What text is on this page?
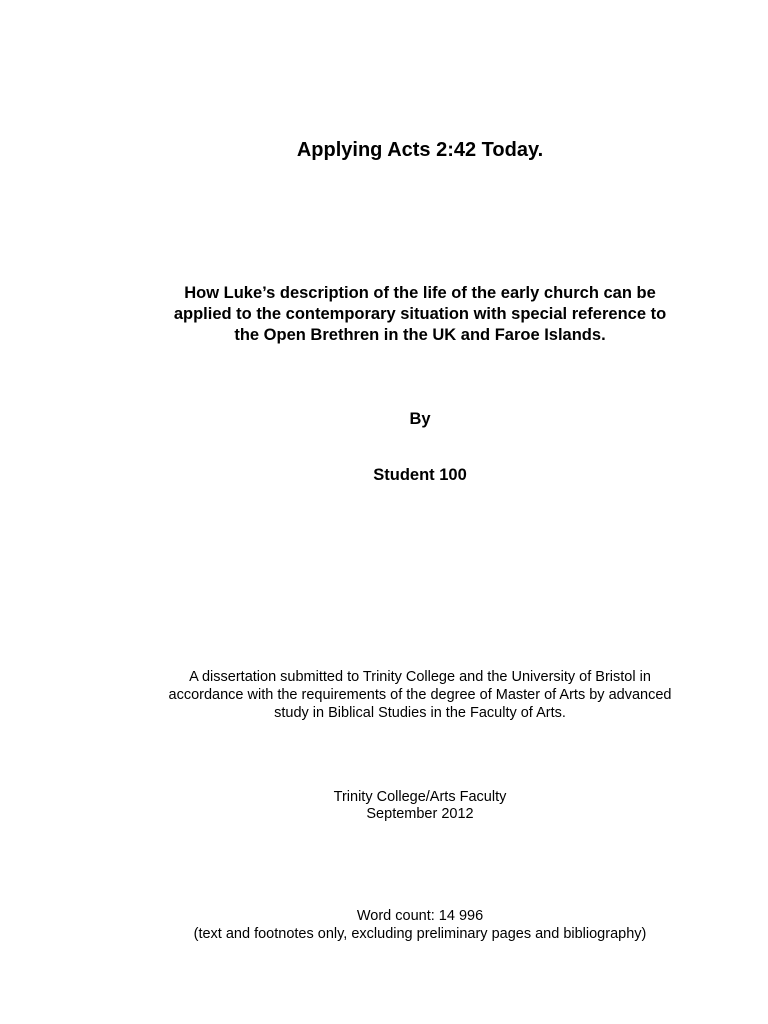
Applying Acts 2:42 Today.
How Luke’s description of the life of the early church can be
applied to the contemporary situation with special reference to
the Open Brethren in the UK and Faroe Islands.
By
Student 100
A dissertation submitted to Trinity College and the University of Bristol in
accordance with the requirements of the degree of Master of Arts by advanced
study in Biblical Studies in the Faculty of Arts.
Trinity College/Arts Faculty
September 2012
Word count: 14 996
(text and footnotes only, excluding preliminary pages and bibliography)
